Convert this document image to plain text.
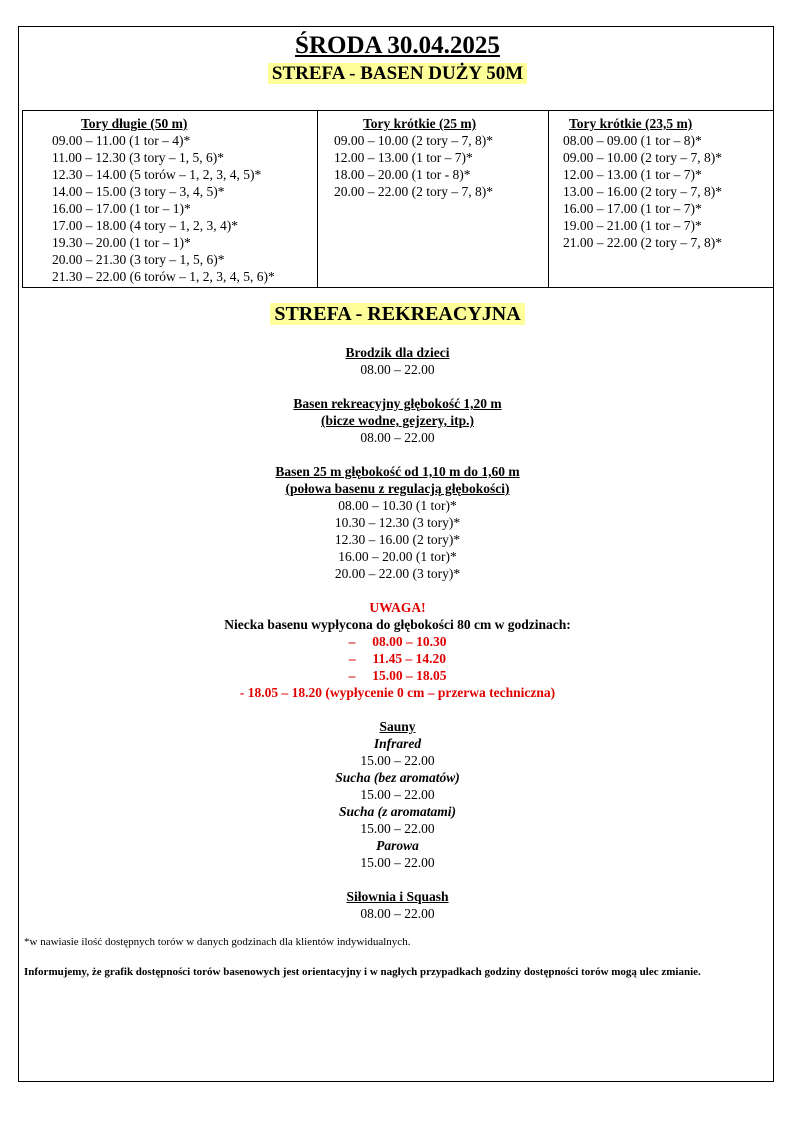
ŚRODA 30.04.2025
STREFA - BASEN DUŻY 50M
Tory długie (50 m)
09.00 – 11.00 (1 tor – 4)*
11.00 – 12.30 (3 tory – 1, 5, 6)*
12.30 – 14.00 (5 torów – 1, 2, 3, 4, 5)*
14.00 – 15.00 (3 tory – 3, 4, 5)*
16.00 – 17.00 (1 tor – 1)*
17.00 – 18.00 (4 tory – 1, 2, 3, 4)*
19.30 – 20.00 (1 tor – 1)*
20.00 – 21.30 (3 tory – 1, 5, 6)*
21.30 – 22.00 (6 torów – 1, 2, 3, 4, 5, 6)*
Tory krótkie (25 m)
09.00 – 10.00 (2 tory – 7, 8)*
12.00 – 13.00 (1 tor – 7)*
18.00 – 20.00 (1 tor - 8)*
20.00 – 22.00 (2 tory – 7, 8)*
Tory krótkie (23,5 m)
08.00 – 09.00 (1 tor – 8)*
09.00 – 10.00 (2 tory – 7, 8)*
12.00 – 13.00 (1 tor – 7)*
13.00 – 16.00 (2 tory – 7, 8)*
16.00 – 17.00 (1 tor – 7)*
19.00 – 21.00 (1 tor – 7)*
21.00 – 22.00 (2 tory – 7, 8)*
STREFA - REKREACYJNA
Brodzik dla dzieci
08.00 – 22.00
Basen rekreacyjny głębokość 1,20 m
(bicze wodne, gejzery, itp.)
08.00 – 22.00
Basen 25 m głębokość od 1,10 m do 1,60 m
(połowa basenu z regulacją głębokości)
08.00 – 10.30 (1 tor)*
10.30 – 12.30 (3 tory)*
12.30 – 16.00 (2 tory)*
16.00 – 20.00 (1 tor)*
20.00 – 22.00 (3 tory)*
UWAGA!
Niecka basenu wypłycona do głębokości 80 cm w godzinach:
–     08.00 – 10.30
–     11.45 – 14.20
–     15.00 – 18.05
- 18.05 – 18.20 (wypłycenie 0 cm – przerwa techniczna)
Sauny
Infrared
15.00 – 22.00
Sucha (bez aromatów)
15.00 – 22.00
Sucha (z aromatami)
15.00 – 22.00
Parowa
15.00 – 22.00
Siłownia i Squash
08.00 – 22.00
*w nawiasie ilość dostępnych torów w danych godzinach dla klientów indywidualnych.
Informujemy, że grafik dostępności torów basenowych jest orientacyjny i w nagłych przypadkach godziny dostępności torów mogą ulec zmianie.
